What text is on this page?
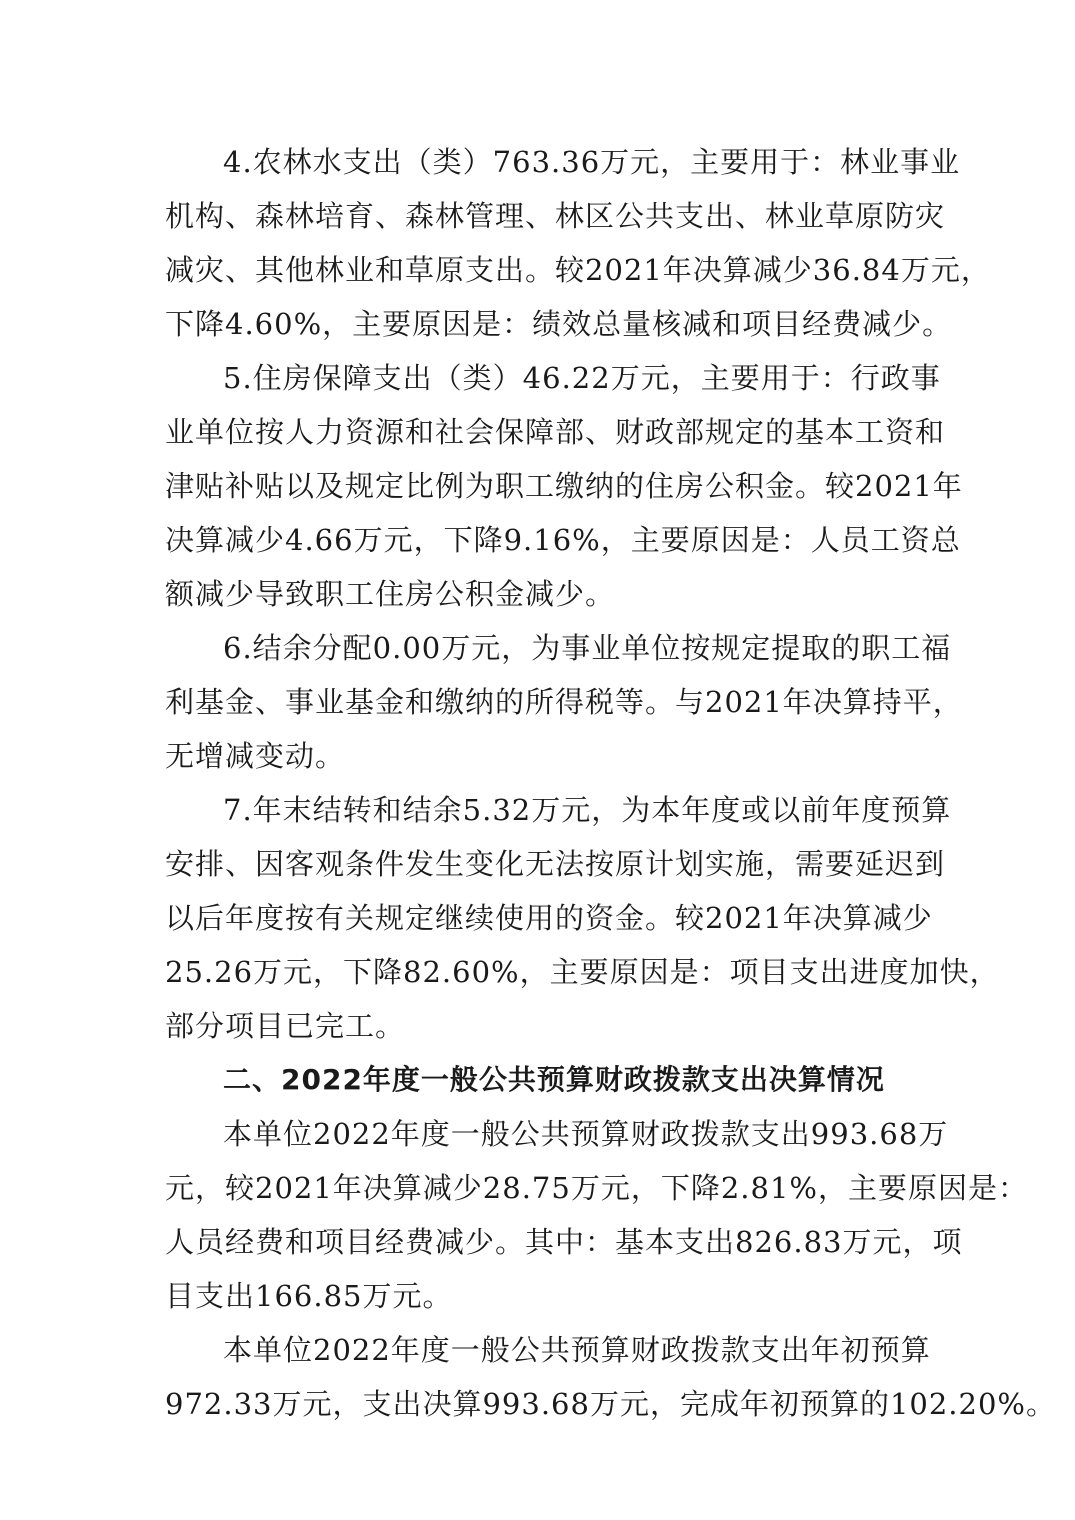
4.农林水支出（类）763.36万元，主要用于：林业事业
机构、森林培育、森林管理、林区公共支出、林业草原防灾
减灾、其他林业和草原支出。较2021年决算减少36.84万元，
下降4.60%，主要原因是：绩效总量核减和项目经费减少。
5.住房保障支出（类）46.22万元，主要用于：行政事
业单位按人力资源和社会保障部、财政部规定的基本工资和
津贴补贴以及规定比例为职工缴纳的住房公积金。较2021年
决算减少4.66万元，下降9.16%，主要原因是：人员工资总
额减少导致职工住房公积金减少。
6.结余分配0.00万元，为事业单位按规定提取的职工福
利基金、事业基金和缴纳的所得税等。与2021年决算持平，
无增减变动。
7.年末结转和结余5.32万元，为本年度或以前年度预算
安排、因客观条件发生变化无法按原计划实施，需要延迟到
以后年度按有关规定继续使用的资金。较2021年决算减少
25.26万元，下降82.60%，主要原因是：项目支出进度加快，
部分项目已完工。
二、2022年度一般公共预算财政拨款支出决算情况
本单位2022年度一般公共预算财政拨款支出993.68万
元，较2021年决算减少28.75万元，下降2.81%，主要原因是：
人员经费和项目经费减少。其中：基本支出826.83万元，项
目支出166.85万元。
本单位2022年度一般公共预算财政拨款支出年初预算
972.33万元，支出决算993.68万元，完成年初预算的102.20%。
